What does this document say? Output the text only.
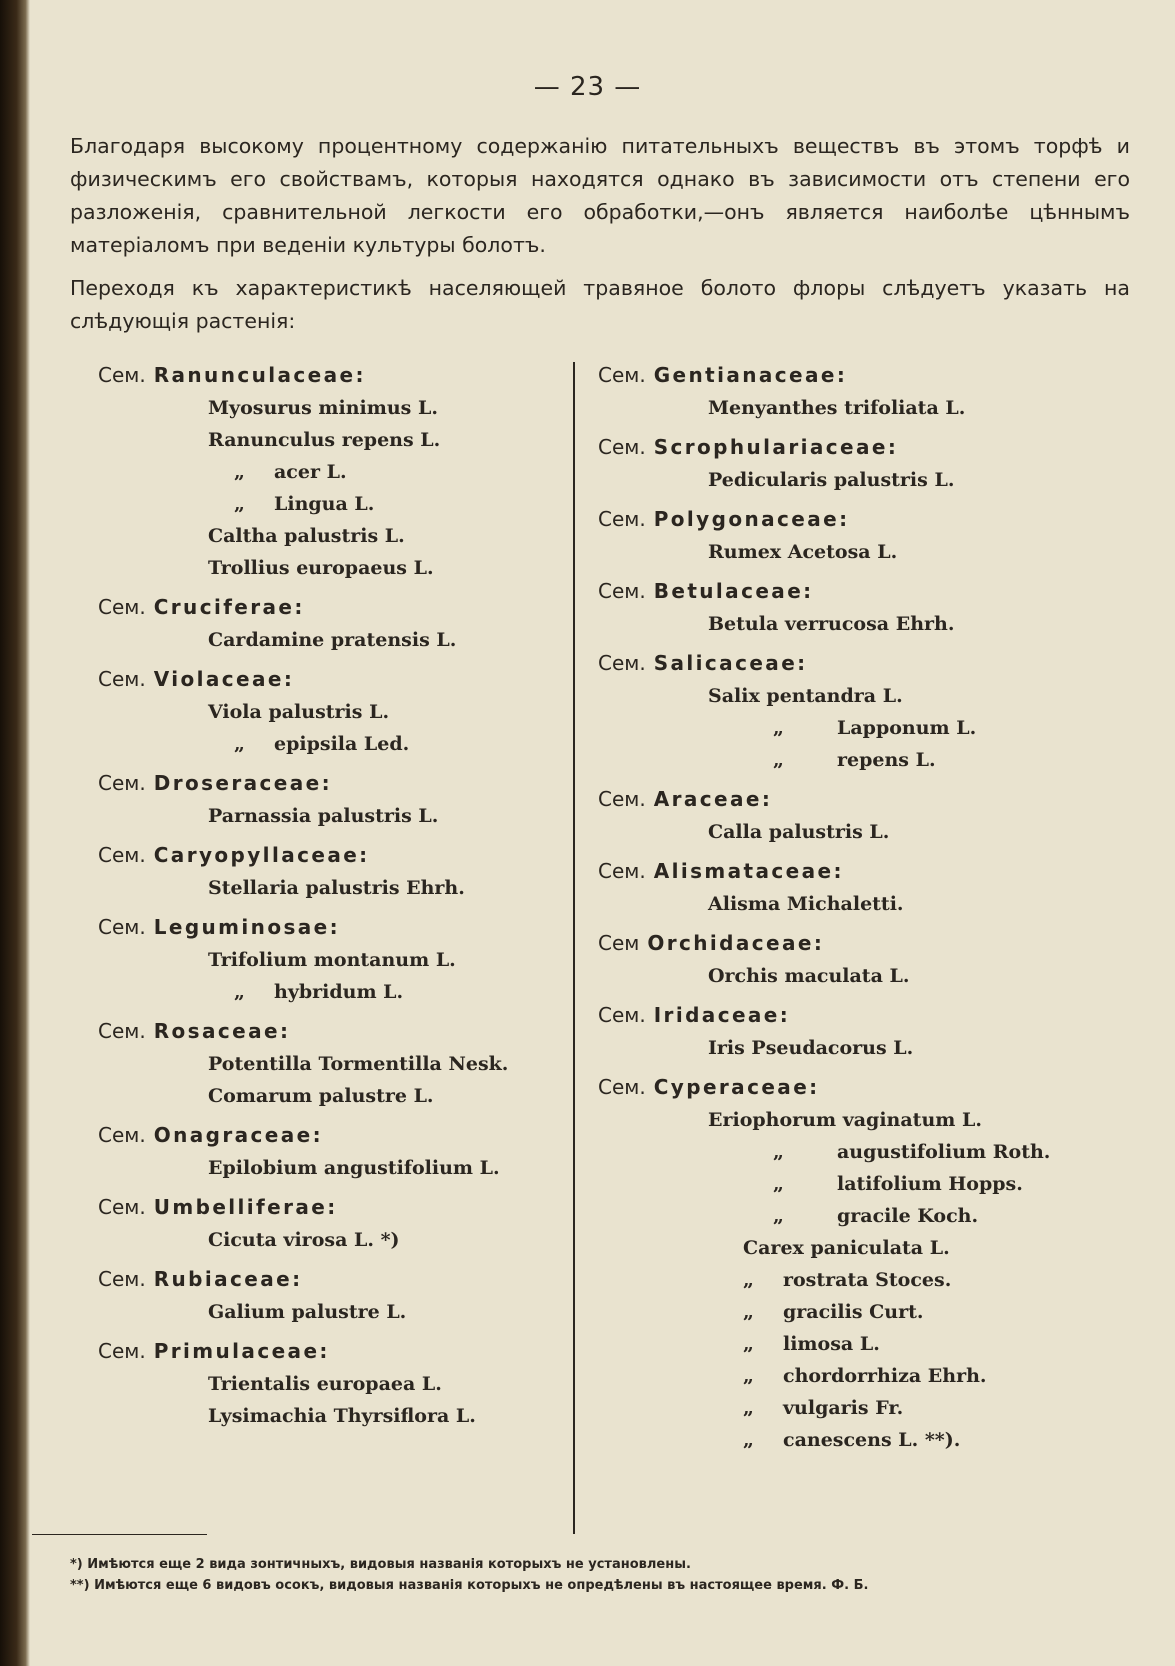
— 23 —
Благодаря высокому процентному содержанію питательныхъ веществъ въ этомъ торфѣ и физическимъ его свойствамъ, которыя находятся однако въ зависимости отъ степени его разложенія, сравнительной легкости его обработки,—онъ является наиболѣе цѣннымъ матеріаломъ при веденіи культуры болотъ.
Переходя къ характеристикѣ населяющей травяное болото флоры слѣдуетъ указать на слѣдующія растенія:
Сем. Ranunculaceae:
Myosurus minimus L.
Ranunculus repens L.
„ acer L.
„ Lingua L.
Caltha palustris L.
Trollius europaeus L.
Сем. Cruciferae:
Cardamine pratensis L.
Сем. Violaceae:
Viola palustris L.
„ epipsila Led.
Сем. Droseraceae:
Parnassia palustris L.
Сем. Caryopyllaceae:
Stellaria palustris Ehrh.
Сем. Leguminosae:
Trifolium montanum L.
„ hybridum L.
Сем. Rosaceae:
Potentilla Tormentilla Nesk.
Comarum palustre L.
Сем. Onagraceae:
Epilobium angustifolium L.
Сем. Umbelliferae:
Cicuta virosa L. *)
Сем. Rubiaceae:
Galium palustre L.
Сем. Primulaceae:
Trientalis europaea L.
Lysimachia Thyrsiflora L.
Сем. Gentianaceae:
Menyanthes trifoliata L.
Сем. Scrophulariaceae:
Pedicularis palustris L.
Сем. Polygonaceae:
Rumex Acetosa L.
Сем. Betulaceae:
Betula verrucosa Ehrh.
Сем. Salicaceae:
Salix pentandra L.
„	Lapponum L.
„	repens L.
Сем. Araceae:
Calla palustris L.
Сем. Alismataceae:
Alisma Michaletti.
Сем Orchidaceae:
Orchis maculata L.
Сем. Iridaceae:
Iris Pseudacorus L.
Сем. Cyperaceae:
Eriophorum vaginatum L.
„	augustifolium Roth.
„	latifolium Hopps.
„	gracile Koch.
Carex paniculata L.
„ rostrata Stoces.
„ gracilis Curt.
„ limosa L.
„ chordorrhiza Ehrh.
„ vulgaris Fr.
„ canescens L. **).
*) Имѣются еще 2 вида зонтичныхъ, видовыя названія которыхъ не установлены.
**) Имѣются еще 6 видовъ осокъ, видовыя названія которыхъ не опредѣлены въ настоящее время. Ф. Б.
